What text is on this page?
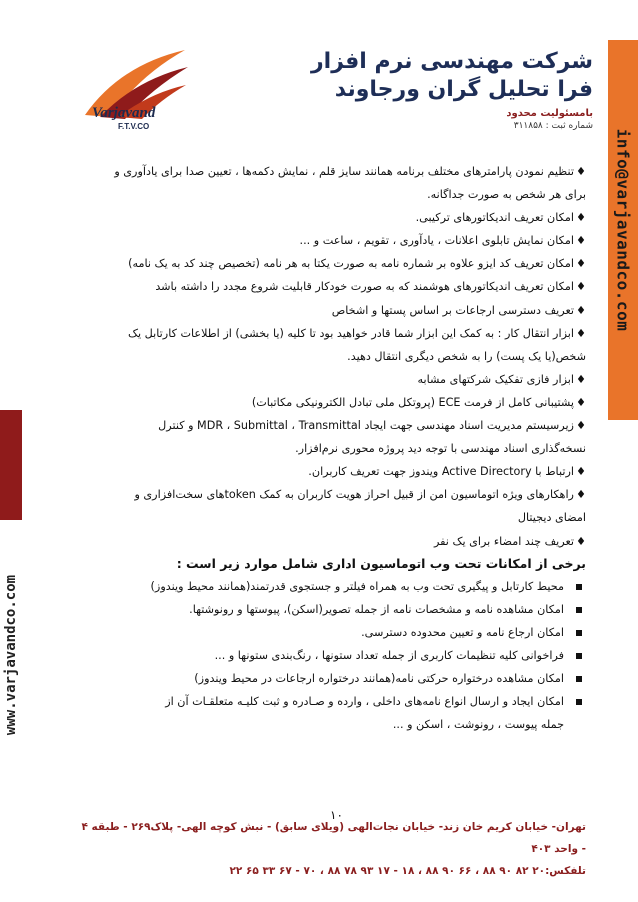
info@varjavandco.com
www.varjavandco.com
Varjavand
F.T.V.CO
شرکت مهندسی نرم افزار
فرا تحلیل گران ورجاوند
بامسئولیت محدود
شماره ثبت : ۳۱۱۸۵۸

♦تنظیم نمودن پارامترهای مختلف برنامه همانند سایز قلم ، نمایش دکمه‌ها ، تعیین صدا برای یادآوری و

برای هر شخص به صورت جداگانه.

♦امکان تعریف اندیکاتورهای ترکیبی.

♦امکان نمایش تابلوی اعلانات ، یادآوری ، تقویم ، ساعت و ...

♦امکان تعریف کد ایزو علاوه بر شماره نامه به صورت یکتا به هر نامه (تخصیص چند کد به یک نامه)

♦امکان تعریف اندیکاتورهای هوشمند که به صورت خودکار قابلیت شروع مجدد را داشته باشد

♦تعریف دسترسی ارجاعات بر اساس پستها و اشخاص

♦ابزار انتقال کار : به کمک این ابزار شما قادر خواهید بود تا کلیه (یا بخشی) از اطلاعات کارتابل یک

شخص(یا یک پست) را به شخص دیگری انتقال دهید.

♦ابزار فازی تفکیک شرکتهای مشابه

♦پشتیبانی کامل از فرمت ECE (پروتکل ملی تبادل الکترونیکی مکاتبات)

♦زیرسیستم مدیریت اسناد مهندسی جهت ایجاد MDR ، Submittal ، Transmittal و کنترل

نسخه‌گذاری اسناد مهندسی با توجه دید پروژه محوری نرم‌افزار.

♦ارتباط با Active Directory ویندوز جهت تعریف کاربران.

♦راهکارهای ویژه اتوماسیون امن از قبیل احراز هویت کاربران به کمک tokenهای سخت‌افزاری و

امضای دیجیتال

♦تعریف چند امضاء برای یک نفر

برخی از امکانات تحت وب اتوماسیون اداری شامل موارد زیر است :

محیط کارتابل و پیگیری تحت وب به همراه فیلتر و جستجوی قدرتمند(همانند محیط ویندوز)

امکان مشاهده نامه و مشخصات نامه از جمله تصویر(اسکن)، پیوستها و رونوشتها.

امکان ارجاع نامه و تعیین محدوده دسترسی.

فراخوانی کلیه تنظیمات کاربری از جمله تعداد ستونها ، رنگ‌بندی ستونها و ...

امکان مشاهده درختواره حرکتی نامه(همانند درختواره ارجاعات در محیط ویندوز)

امکان ایجاد و ارسال انواع نامه‌های داخلی ، وارده و صـادره و ثبت کلیـه متعلقـات آن از

جمله پیوست ، رونوشت ، اسکن و ...

۱۰
تهران- خیابان کریم خان زند- خیابان نجات‌الهی (ویلای سابق) - نبش کوچه الهی- پلاک۲۶۹ - طبقه ۴ - واحد ۴۰۳
تلفکس:۲۰ ۸۲ ۹۰ ۸۸ ، ۶۶ ۹۰ ۸۸ ، ۱۸ - ۱۷ ۹۳ ۷۸ ۸۸ ، ۷۰ - ۶۷ ۳۳ ۶۵ ۲۲
